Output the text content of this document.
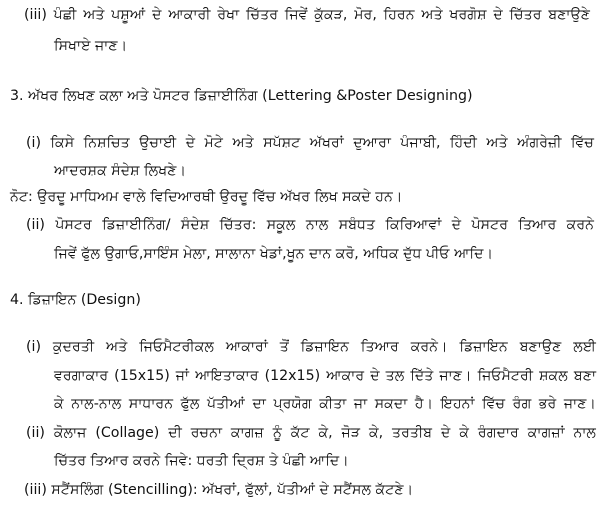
(iii) ਪੰਛੀ ਅਤੇ ਪਸ਼ੂਆਂ ਦੇ ਆਕਾਰੀ ਰੇਖਾ ਚਿੱਤਰ ਜਿਵੇਂ ਕੁੱਕੜ, ਮੋਰ, ਹਿਰਨ ਅਤੇ ਖਰਗੋਸ਼ ਦੇ ਚਿੱਤਰ ਬਣਾਉਣੇ
ਸਿਖਾਏ ਜਾਣ।
3. ਅੱਖਰ ਲਿਖਣ ਕਲਾ ਅਤੇ ਪੋਸਟਰ ਡਿਜ਼ਾਈਨਿੰਗ (Lettering &Poster Designing)
(i) ਕਿਸੇ ਨਿਸ਼ਚਿਤ ਉਚਾਈ ਦੇ ਮੋਟੇ ਅਤੇ ਸਪੱਸ਼ਟ ਅੱਖਰਾਂ ਦੁਆਰਾ ਪੰਜਾਬੀ, ਹਿੰਦੀ ਅਤੇ ਅੰਗਰੇਜ਼ੀ ਵਿੱਚ
ਆਦਰਸ਼ਕ ਸੰਦੇਸ਼ ਲਿਖਣੇ।
ਨੋਟ: ਉਰਦੂ ਮਾਧਿਅਮ ਵਾਲੇ ਵਿਦਿਆਰਥੀ ਉਰਦੂ ਵਿੱਚ ਅੱਖਰ ਲਿਖ ਸਕਦੇ ਹਨ।
(ii) ਪੋਸਟਰ ਡਿਜ਼ਾਈਨਿੰਗ/ ਸੰਦੇਸ਼ ਚਿੱਤਰ: ਸਕੂਲ ਨਾਲ ਸਬੰਧਤ ਕਿਰਿਆਵਾਂ ਦੇ ਪੋਸਟਰ ਤਿਆਰ ਕਰਨੇ
ਜਿਵੇਂ ਫੁੱਲ ਉਗਾਓ,ਸਾਇੰਸ ਮੇਲਾ, ਸਾਲਾਨਾ ਖੇਡਾਂ,ਖੂਨ ਦਾਨ ਕਰੋ, ਅਧਿਕ ਦੁੱਧ ਪੀਓ ਆਦਿ।
4. ਡਿਜ਼ਾਇਨ (Design)
(i) ਕੁਦਰਤੀ ਅਤੇ ਜਿਓਮੈਟਰੀਕਲ ਆਕਾਰਾਂ ਤੋਂ ਡਿਜ਼ਾਇਨ ਤਿਆਰ ਕਰਨੇ। ਡਿਜ਼ਾਇਨ ਬਣਾਉਣ ਲਈ
ਵਰਗਾਕਾਰ (15x15) ਜਾਂ ਆਇਤਾਕਾਰ (12x15) ਆਕਾਰ ਦੇ ਤਲ ਦਿੱਤੇ ਜਾਣ। ਜਿਓਮੈਟਰੀ ਸ਼ਕਲ ਬਣਾ
ਕੇ ਨਾਲ-ਨਾਲ ਸਾਧਾਰਨ ਫੁੱਲ ਪੱਤੀਆਂ ਦਾ ਪ੍ਰਯੋਗ ਕੀਤਾ ਜਾ ਸਕਦਾ ਹੈ। ਇਹਨਾਂ ਵਿੱਚ ਰੰਗ ਭਰੇ ਜਾਣ।
(ii) ਕੋਲਾਜ (Collage) ਦੀ ਰਚਨਾ ਕਾਗਜ਼ ਨੂੰ ਕੱਟ ਕੇ, ਜੋੜ ਕੇ, ਤਰਤੀਬ ਦੇ ਕੇ ਰੰਗਦਾਰ ਕਾਗਜ਼ਾਂ ਨਾਲ
ਚਿੱਤਰ ਤਿਆਰ ਕਰਨੇ ਜਿਵੇ: ਧਰਤੀ ਦ੍ਰਿਸ਼ ਤੇ ਪੰਛੀ ਆਦਿ।
(iii) ਸਟੈਂਸਲਿੰਗ (Stencilling): ਅੱਖਰਾਂ, ਫੁੱਲਾਂ, ਪੱਤੀਆਂ ਦੇ ਸਟੈਂਸਲ ਕੱਟਣੇ।
